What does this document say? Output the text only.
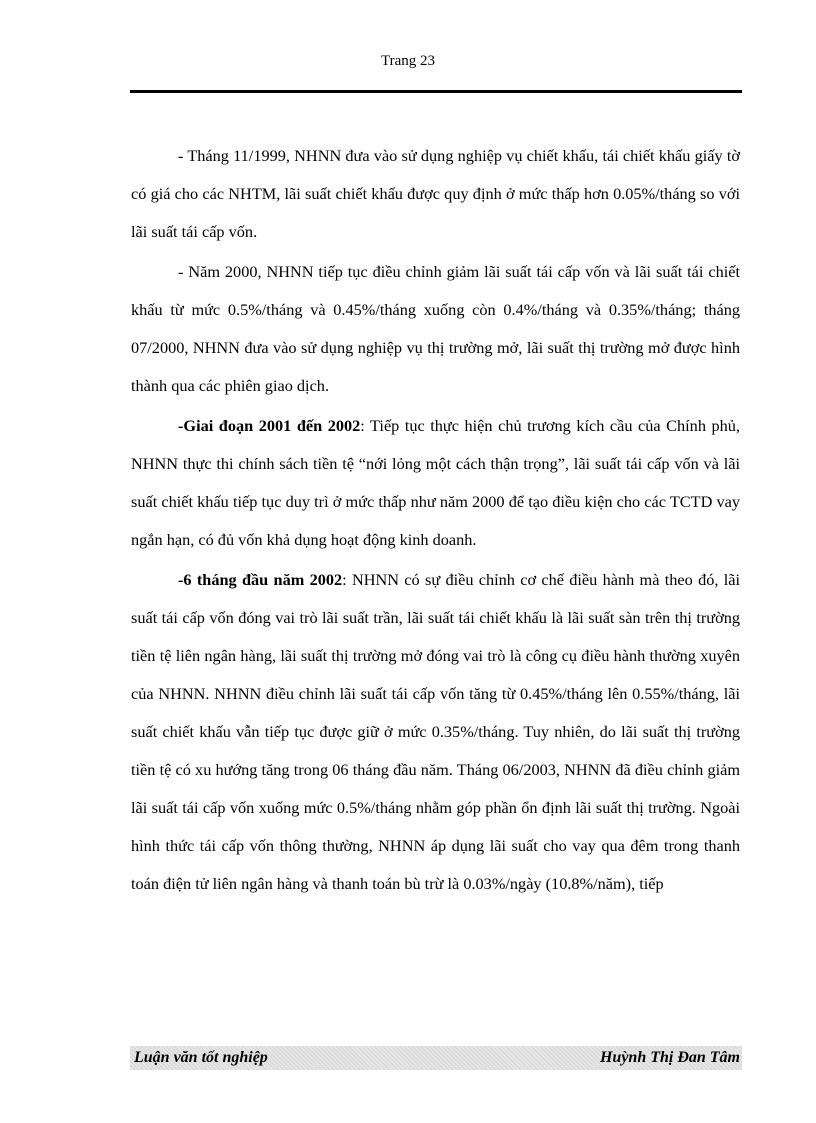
Trang 23

- Tháng 11/1999, NHNN đưa vào sử dụng nghiệp vụ chiết khấu, tái chiết khấu giấy tờ có giá cho các NHTM, lãi suất chiết khấu được quy định ở mức thấp hơn 0.05%/tháng so với lãi suất tái cấp vốn.

- Năm 2000, NHNN tiếp tục điều chỉnh giảm lãi suất tái cấp vốn và lãi suất tái chiết khấu từ mức 0.5%/tháng và 0.45%/tháng xuống còn 0.4%/tháng và 0.35%/tháng; tháng 07/2000, NHNN đưa vào sử dụng nghiệp vụ thị trường mở, lãi suất thị trường mở được hình thành qua các phiên giao dịch.

-Giai đoạn 2001 đến 2002: Tiếp tục thực hiện chủ trương kích cầu của Chính phủ, NHNN thực thi chính sách tiền tệ “nới lỏng một cách thận trọng”, lãi suất tái cấp vốn và lãi suất chiết khấu tiếp tục duy trì ở mức thấp như năm 2000 để tạo điều kiện cho các TCTD vay ngắn hạn, có đủ vốn khả dụng hoạt động kinh doanh.

-6 tháng đầu năm 2002: NHNN có sự điều chỉnh cơ chế điều hành mà theo đó, lãi suất tái cấp vốn đóng vai trò lãi suất trần, lãi suất tái chiết khấu là lãi suất sàn trên thị trường tiền tệ liên ngân hàng, lãi suất thị trường mở đóng vai trò là công cụ điều hành thường xuyên của NHNN. NHNN điều chỉnh lãi suất tái cấp vốn tăng từ 0.45%/tháng lên 0.55%/tháng, lãi suất chiết khấu vẫn tiếp tục được giữ ở mức 0.35%/tháng. Tuy nhiên, do lãi suất thị trường tiền tệ có xu hướng tăng trong 06 tháng đầu năm. Tháng 06/2003, NHNN đã điều chỉnh giảm lãi suất tái cấp vốn xuống mức 0.5%/tháng nhằm góp phần ổn định lãi suất thị trường. Ngoài hình thức tái cấp vốn thông thường, NHNN áp dụng lãi suất cho vay qua đêm trong thanh toán điện tử liên ngân hàng và thanh toán bù trừ là 0.03%/ngày (10.8%/năm), tiếp

Luận văn tốt nghiệp	Huỳnh Thị Đan Tâm
